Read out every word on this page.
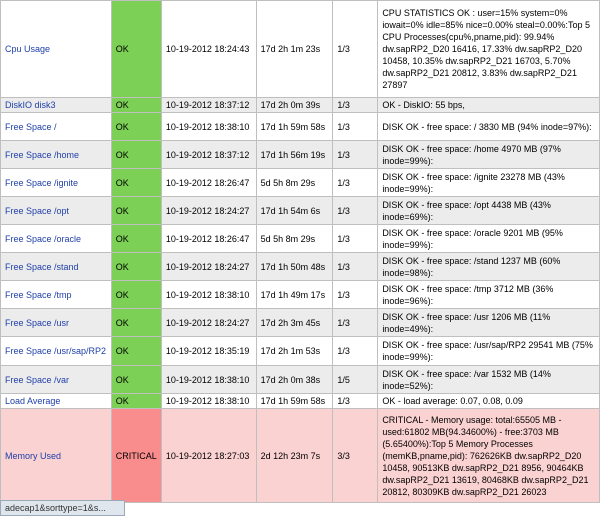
Cpu Usage	OK	10-19-2012 18:24:43	17d 2h 1m 23s	1/3	CPU STATISTICS OK : user=15% system=0% iowait=0% idle=85% nice=0.00% steal=0.00%:Top 5 CPU Processes(cpu%,pname,pid): 99.94% dw.sapRP2_D20 16416, 17.33% dw.sapRP2_D20 10458, 10.35% dw.sapRP2_D21 16703, 5.70% dw.sapRP2_D21 20812, 3.83% dw.sapRP2_D21 27897
DiskIO disk3	OK	10-19-2012 18:37:12	17d 2h 0m 39s	1/3	OK - DiskIO: 55 bps,
Free Space /	OK	10-19-2012 18:38:10	17d 1h 59m 58s	1/3	DISK OK - free space: / 3830 MB (94% inode=97%):
Free Space /home	OK	10-19-2012 18:37:12	17d 1h 56m 19s	1/3	DISK OK - free space: /home 4970 MB (97% inode=99%):
Free Space /ignite	OK	10-19-2012 18:26:47	5d 5h 8m 29s	1/3	DISK OK - free space: /ignite 23278 MB (43% inode=99%):
Free Space /opt	OK	10-19-2012 18:24:27	17d 1h 54m 6s	1/3	DISK OK - free space: /opt 4438 MB (43% inode=69%):
Free Space /oracle	OK	10-19-2012 18:26:47	5d 5h 8m 29s	1/3	DISK OK - free space: /oracle 9201 MB (95% inode=99%):
Free Space /stand	OK	10-19-2012 18:24:27	17d 1h 50m 48s	1/3	DISK OK - free space: /stand 1237 MB (60% inode=98%):
Free Space /tmp	OK	10-19-2012 18:38:10	17d 1h 49m 17s	1/3	DISK OK - free space: /tmp 3712 MB (36% inode=96%):
Free Space /usr	OK	10-19-2012 18:24:27	17d 2h 3m 45s	1/3	DISK OK - free space: /usr 1206 MB (11% inode=49%):
Free Space /usr/sap/RP2	OK	10-19-2012 18:35:19	17d 2h 1m 53s	1/3	DISK OK - free space: /usr/sap/RP2 29541 MB (75% inode=99%):
Free Space /var	OK	10-19-2012 18:38:10	17d 2h 0m 38s	1/5	DISK OK - free space: /var 1532 MB (14% inode=52%):
Load Average	OK	10-19-2012 18:38:10	17d 1h 59m 58s	1/3	OK - load average: 0.07, 0.08, 0.09
Memory Used	CRITICAL	10-19-2012 18:27:03	2d 12h 23m 7s	3/3	CRITICAL - Memory usage: total:65505 MB - used:61802 MB(94.34600%) - free:3703 MB (5.65400%):Top 5 Memory Processes (memKB,pname,pid): 762626KB dw.sapRP2_D20 10458, 90513KB dw.sapRP2_D21 8956, 90464KB dw.sapRP2_D21 13619, 80468KB dw.sapRP2_D21 20812, 80309KB dw.sapRP2_D21 26023
adecap1&sorttype=1&s...
